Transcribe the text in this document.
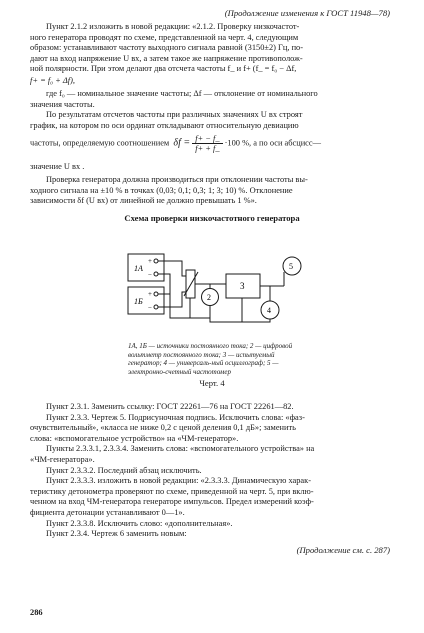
(Продолжение изменения к ГОСТ 11948—78)
Пункт 2.1.2 изложить в новой редакции: «2.1.2. Проверку низкочастот-
ного генератора проводят по схеме, представленной на черт. 4, следующим
образом: устанавливают частоту выходного сигнала равной (3150±2) Гц, по-
дают на вход напряжение U вх, а затем такое же напряжение противополож-
ной полярности. При этом делают два отсчета частоты f_ и f+ (f_ = f₀ − Δf,
f+ = f₀ + Δf),
где f₀ — номинальное значение частоты; Δf — отклонение от номинального
значения частоты.
По результатам отсчетов частоты при различных значениях U вх строят
график, на котором по оси ординат откладывают относительную девиацию
частоты, определяемую соотношением $\delta f = \frac{f+ - f\_}{f+ + f\_} \cdot 100$ %, а по оси абсцисс—
значение U вх .
Проверка генератора должна производиться при отклонении частоты вы-
ходного сигнала на ±10 % в точках (0,03; 0,1; 0,3; 1; 3; 10) %. Отклонение
зависимости δf (U вх) от линейной не должно превышать 1 %».
Схема проверки низкочастотного генератора
1А
1Б	2
3
4
5
+
−
+
−
1А, 1Б — источники постоянного тока; 2 — цифровой вольтметр постоянного тока; 3 — испытуемый генератор; 4 — универсаль-ный осциллограф; 5 — электронно-счетный частотомер
Черт. 4
Пункт 2.3.1. Заменить ссылку: ГОСТ 22261—76 на ГОСТ 22261—82.
Пункт 2.3.3. Чертеж 5. Подрисуночная подпись. Исключить слова: «фаз-
очувствительный», «класса не ниже 0,2 с ценой деления 0,1 дБ»; заменить
слова: «вспомогательное устройство» на «ЧМ-генератор».
Пункты 2.3.3.1, 2.3.3.4. Заменить слова: «вспомогательного устройства» на
«ЧМ-генератора».
Пункт 2.3.3.2. Последний абзац исключить.
Пункт 2.3.3.3. изложить в новой редакции: «2.3.3.3. Динамическую харак-
теристику детонометра проверяют по схеме, приведенной на черт. 5, при вклю-
ченном на вход ЧМ-генератора генераторе импульсов. Предел измерений коэф-
фициента детонации устанавливают 0—1».
Пункт 2.3.3.8. Исключить слово: «дополнительная».
Пункт 2.3.4. Чертеж 6 заменить новым:
(Продолжение см. с. 287)
286
